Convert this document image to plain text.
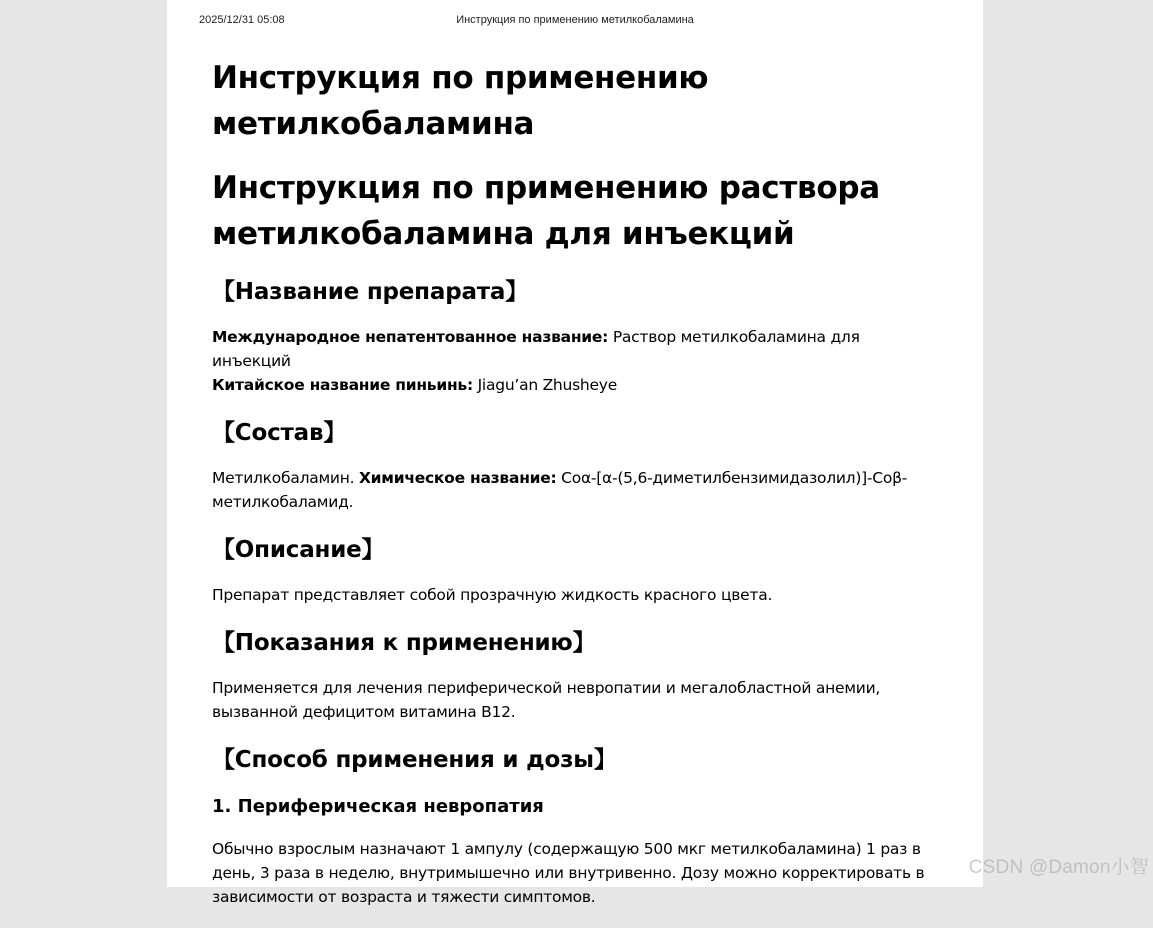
2025/12/31 05:08	Инструкция по применению метилкобаламина
Инструкция по применению метилкобаламина
Инструкция по применению раствора метилкобаламина для инъекций
【Название препарата】

Международное непатентованное название: Раствор метилкобаламина для инъекций
Китайское название пиньинь: Jiagu’an Zhusheye

【Состав】

Метилкобаламин. Химическое название: Coα-[α-(5,6-диметилбензимидазолил)]-Coβ-метилкобаламид.

【Описание】

Препарат представляет собой прозрачную жидкость красного цвета.

【Показания к применению】

Применяется для лечения периферической невропатии и мегалобластной анемии, вызванной дефицитом витамина B12.

【Способ применения и дозы】
1. Периферическая невропатия

Обычно взрослым назначают 1 ампулу (содержащую 500 мкг метилкобаламина) 1 раз в день, 3 раза в неделю, внутримышечно или внутривенно. Дозу можно корректировать в зависимости от возраста и тяжести симптомов.

CSDN @Damon小智
